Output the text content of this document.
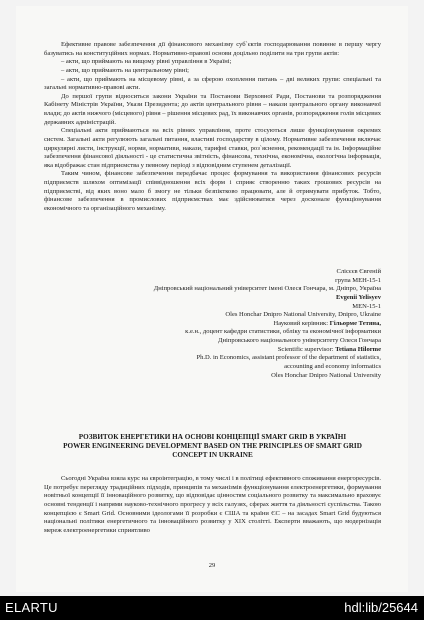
Ефективне правове забезпечення дії фінансового механізму суб`єктів господарювання повинне в першу чергу базуватись на конституційних нормах. Нормативно-правові основи доцільно поділити на три групи актів:

– акти, що приймають на вищому рівні управління в Україні;

– акти, що приймають на центральному рівні;

– акти, що приймають на місцевому рівні, а за сферою охоплення питань – дві великих групи: спеціальні та загальні нормативно-правові акти.

До першої групи відноситься закони України та Постанови Верховної Ради, Постанови та розпорядження Кабінету Міністрів України, Укази Президента; до актів центрального рівня – накази центрального органу виконавчої влади; до актів нижчого (місцевого) рівня – рішення місцевих рад, їх виконавчих органів, розпорядження голів місцевих державних адміністрацій.

Спеціальні акти приймаються на всіх рівнях управління, проте стосуються лише функціонування окремих систем. Загальні акти регулюють загальні питання, властиві господарству в цілому. Нормативне забезпечення включає циркулярні листи, інструкції, норми, нормативи, накази, тарифні ставки, роз`яснення, рекомендації та ін. Інформаційне забезпечення фінансової діяльності - це статистична звітність, фінансова, технічна, економічна, екологічна інформація, яка відображає стан підприємства у певному періоді з відповідним ступенем деталізації.

Таким чином, фінансове забезпечення передбачає процес формування та використання фінансових ресурсів підприємств шляхом оптимізації співвідношення всіх форм і сприяє створенню таких грошових ресурсів на підприємстві, від яких воно мало б змогу не тільки безпіктково працювати, але й отримувати прибуток. Тобто, фінансове забезпечення в промислових підприємствах має здійснюватися через досконале функціонування економічного та організаційного механізму.

Слісєєв Євгеній
група МЕН-15-1
Дніпровський національний університет імені Олеся Гончара, м. Дніпро, Україна
Evgenii Yelisyev
MEN-15-1
Oles Honchar Dnipro National University, Dnipro, Ukraine
Науковий керівник: Гільорме Тетяна,
к.е.н., доцент кафедри статистики, обліку та економічної інформатики
Дніпровського національного університету Олеся Гончара
Scientific supervisor: Tetiana Hilorme
Ph.D. in Economics, assistant professor of the department of statistics,
accounting and economy informatics
Oles Honchar Dnipro National University
РОЗВИТОК ЕНЕРГЕТИКИ НА ОСНОВІ КОНЦЕПЦІЇ SMART GRID В УКРАЇНІ
POWER ENGINEERING DEVELOPMENT BASED ON THE PRINCIPLES OF SMART GRID
CONCEPT IN UKRAINE

Сьогодні Україна взяла курс на євроінтеграцію, в тому числі і в політиці ефективного споживання енергоресурсів. Це потребує перегляду традиційних підходів, принципів та механізмів функціонування електроенергетики, формування новітньої концепції її інноваційного розвитку, що відповідає цінностям соціального розвитку та максимально враховує основні тенденції і напрями науково-технічного прогресу у всіх галузях, сферах життя та діяльності суспільства. Такою концепцією є Smart Grid. Основними ідеологами її розробки є США та країни ЄС – на засадах Smart Grid будуються національні політики енергетичного та інноваційного розвитку у XIX столітті. Експерти вважають, що модернізація мереж електроенергетики сприятливо

29
ELARTU	hdl:lib/25644
